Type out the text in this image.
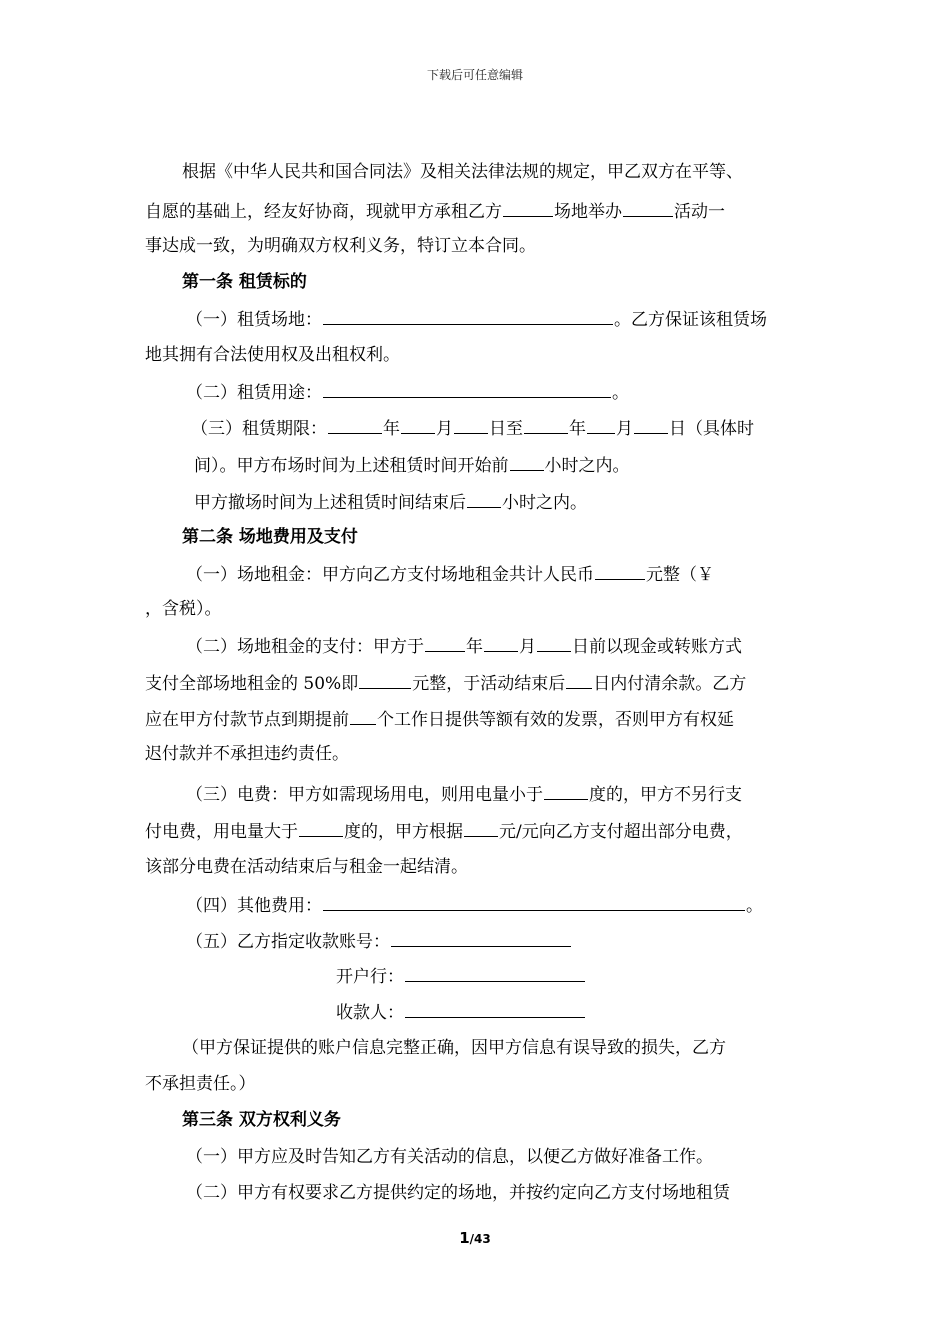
下载后可任意编辑
根据《中华人民共和国合同法》及相关法律法规的规定，甲乙双方在平等、
自愿的基础上，经友好协商，现就甲方承租乙方	场地举办	活动一
事达成一致，为明确双方权利义务，特订立本合同。
第一条 租赁标的
（一）租赁场地：	。乙方保证该租赁场
地其拥有合法使用权及出租权利。
（二）租赁用途：	。
（三）租赁期限：	年 月 日至	年 月 日（具体时
间）。甲方布场时间为上述租赁时间开始前 小时之内。
甲方撤场时间为上述租赁时间结束后 小时之内。
第二条 场地费用及支付
（一）场地租金：甲方向乙方支付场地租金共计人民币	元整（￥
，含税）。
（二）场地租金的支付：甲方于 年 月 日前以现金或转账方式
支付全部场地租金的 50%即	元整，于活动结束后 日内付清余款。乙方
应在甲方付款节点到期提前 个工作日提供等额有效的发票，否则甲方有权延
迟付款并不承担违约责任。
（三）电费：甲方如需现场用电，则用电量小于	度的，甲方不另行支
付电费，用电量大于	度的，甲方根据 元/元向乙方支付超出部分电费，
该部分电费在活动结束后与租金一起结清。
（四）其他费用：	。
（五）乙方指定收款账号：
开户行：
收款人：
（甲方保证提供的账户信息完整正确，因甲方信息有误导致的损失，乙方
不承担责任。）
第三条 双方权利义务
（一）甲方应及时告知乙方有关活动的信息，以便乙方做好准备工作。
（二）甲方有权要求乙方提供约定的场地，并按约定向乙方支付场地租赁
1/43
